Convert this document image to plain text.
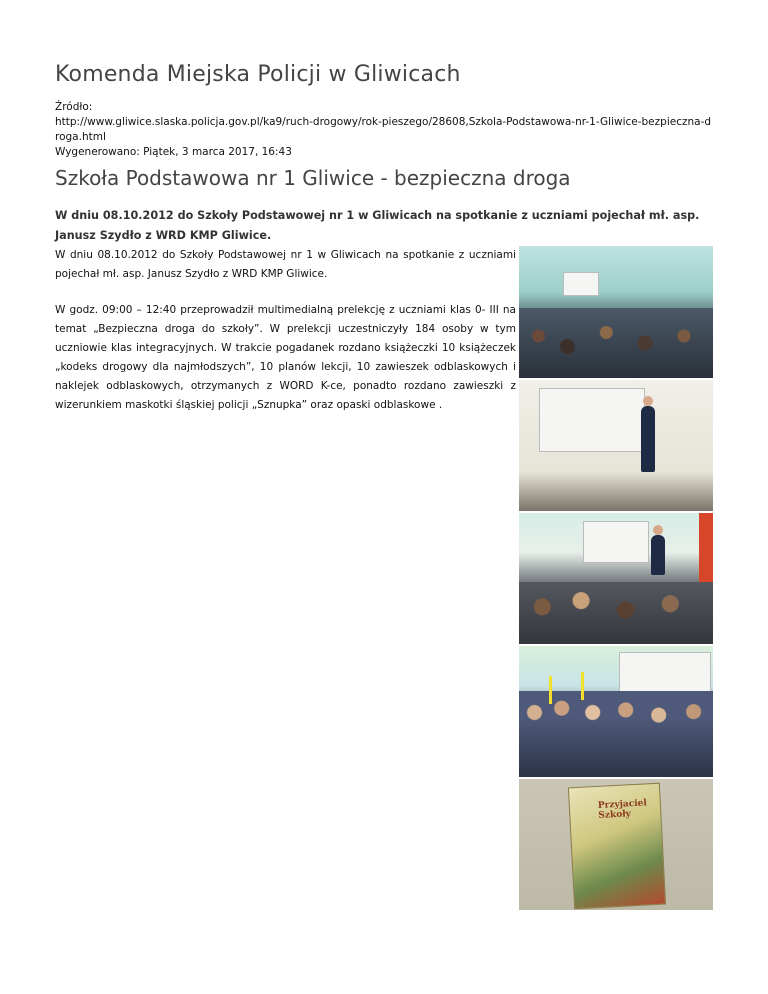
Komenda Miejska Policji w Gliwicach
Źródło:
http://www.gliwice.slaska.policja.gov.pl/ka9/ruch-drogowy/rok-pieszego/28608,Szkola-Podstawowa-nr-1-Gliwice-bezpieczna-droga.html
Wygenerowano: Piątek, 3 marca 2017, 16:43
Szkoła Podstawowa nr 1 Gliwice - bezpieczna droga
W dniu 08.10.2012 do Szkoły Podstawowej nr 1 w Gliwicach na spotkanie z uczniami pojechał mł. asp. Janusz Szydło z WRD KMP Gliwice.

W dniu 08.10.2012 do Szkoły Podstawowej nr 1 w Gliwicach na spotkanie z uczniami pojechał mł. asp. Janusz Szydło z WRD KMP Gliwice.

W godz. 09:00 – 12:40 przeprowadził multimedialną prelekcję z uczniami klas 0- III na temat „Bezpieczna droga do szkoły”. W prelekcji uczestniczyły 184 osoby w tym uczniowie klas integracyjnych. W trakcie pogadanek rozdano książeczki 10 książeczek „kodeks drogowy dla najmłodszych”, 10 planów lekcji, 10 zawieszek odblaskowych i naklejek odblaskowych, otrzymanych z WORD K-ce, ponadto rozdano zawieszki z wizerunkiem maskotki śląskiej policji „Sznupka” oraz opaski odblaskowe .

Przyjaciel Szkoły
